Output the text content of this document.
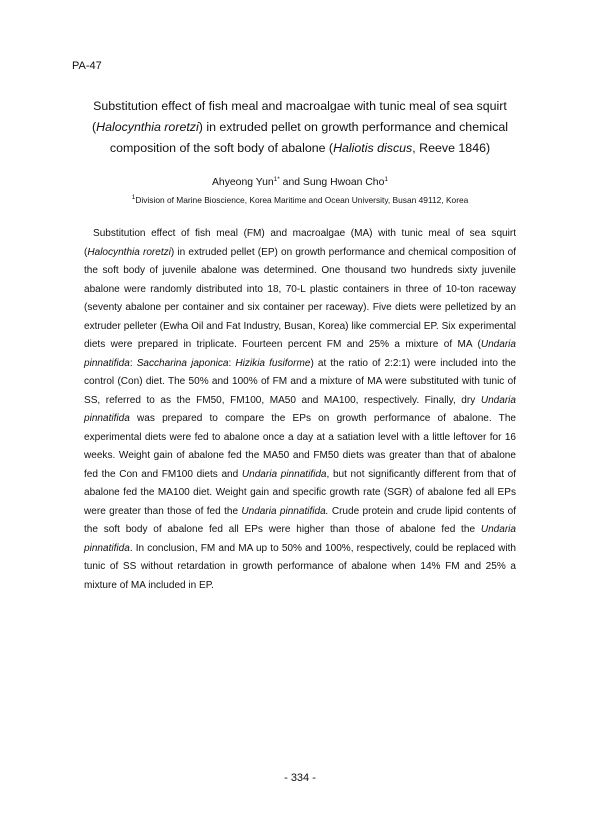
PA-47

Substitution effect of fish meal and macroalgae with tunic meal of sea squirt (Halocynthia roretzi) in extruded pellet on growth performance and chemical composition of the soft body of abalone (Haliotis discus, Reeve 1846)

Ahyeong Yun$^{1*}$ and Sung Hwoan Cho$^1$

$^1$Division of Marine Bioscience, Korea Maritime and Ocean University, Busan 49112, Korea

Substitution effect of fish meal (FM) and macroalgae (MA) with tunic meal of sea squirt (Halocynthia roretzi) in extruded pellet (EP) on growth performance and chemical composition of the soft body of juvenile abalone was determined. One thousand two hundreds sixty juvenile abalone were randomly distributed into 18, 70-L plastic containers in three of 10-ton raceway (seventy abalone per container and six container per raceway). Five diets were pelletized by an extruder pelleter (Ewha Oil and Fat Industry, Busan, Korea) like commercial EP. Six experimental diets were prepared in triplicate. Fourteen percent FM and 25% a mixture of MA (Undaria pinnatifida: Saccharina japonica: Hizikia fusiforme) at the ratio of 2:2:1) were included into the control (Con) diet. The 50% and 100% of FM and a mixture of MA were substituted with tunic of SS, referred to as the FM50, FM100, MA50 and MA100, respectively. Finally, dry Undaria pinnatifida was prepared to compare the EPs on growth performance of abalone. The experimental diets were fed to abalone once a day at a satiation level with a little leftover for 16 weeks. Weight gain of abalone fed the MA50 and FM50 diets was greater than that of abalone fed the Con and FM100 diets and Undaria pinnatifida, but not significantly different from that of abalone fed the MA100 diet. Weight gain and specific growth rate (SGR) of abalone fed all EPs were greater than those of fed the Undaria pinnatifida. Crude protein and crude lipid contents of the soft body of abalone fed all EPs were higher than those of abalone fed the Undaria pinnatifida. In conclusion, FM and MA up to 50% and 100%, respectively, could be replaced with tunic of SS without retardation in growth performance of abalone when 14% FM and 25% a mixture of MA included in EP.

- 334 -
